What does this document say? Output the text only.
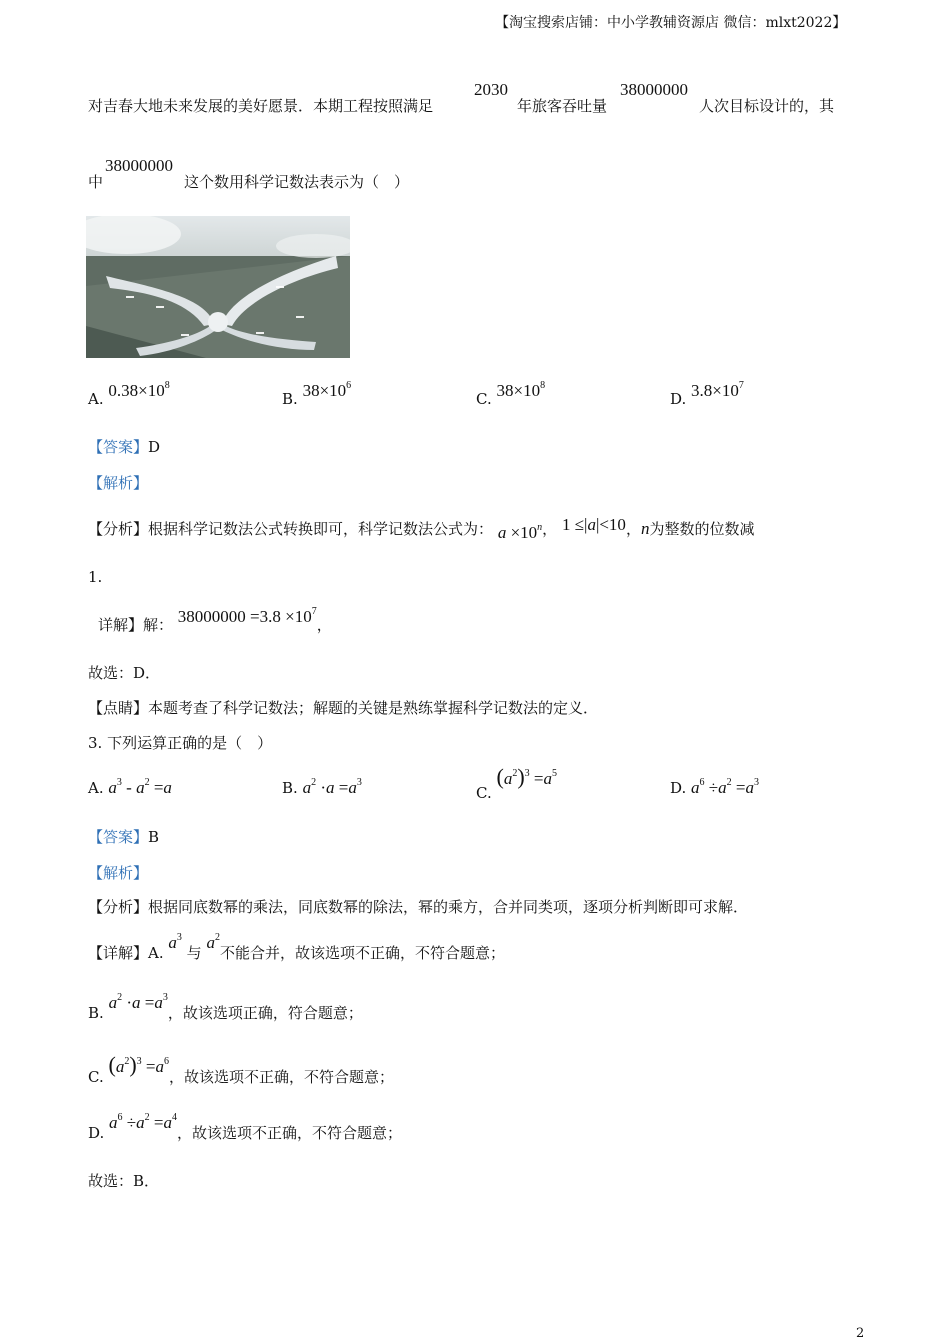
【淘宝搜索店铺：中小学教辅资源店 微信：mlxt2022】
对吉春大地未来发展的美好愿景．本期工程按照满足
2030
年旅客吞吐量
38000000
人次目标设计的，其
中
38000000
这个数用科学记数法表示为（　）
A. $0.38\times 10^8$
B. $38\times 10^6$
C. $38\times 10^8$
D. $3.8\times 10^7$
【答案】D
【解析】
【分析】根据科学记数法公式转换即可，科学记数法公式为： $a \times 10^n$， 1 ≤|a|<10，n为整数的位数减
1.
详解】解： $38000000 =3.8 \times 10^7$，
故选：D．
【点睛】本题考查了科学记数法；解题的关键是熟练掌握科学记数法的定义．
3. 下列运算正确的是（　）
A. $a^3 - a^2 =a$	B. $a^2 \cdot a =a^3$
C. $(a^2)^3 =a^5$
D. $a^6 \div a^2 =a^3$
【答案】B
【解析】
【分析】根据同底数幂的乘法，同底数幂的除法，幂的乘方，合并同类项，逐项分析判断即可求解．
【详解】A. $a^3$ 与 $a^2$不能合并，故该选项不正确，不符合题意；
B. $a^2 \cdot a =a^3$，故该选项正确，符合题意；
C. $(a^2)^3 =a^6$，故该选项不正确，不符合题意；
D. $a^6 \div a^2 =a^4$，故该选项不正确，不符合题意；
故选：B．
2
